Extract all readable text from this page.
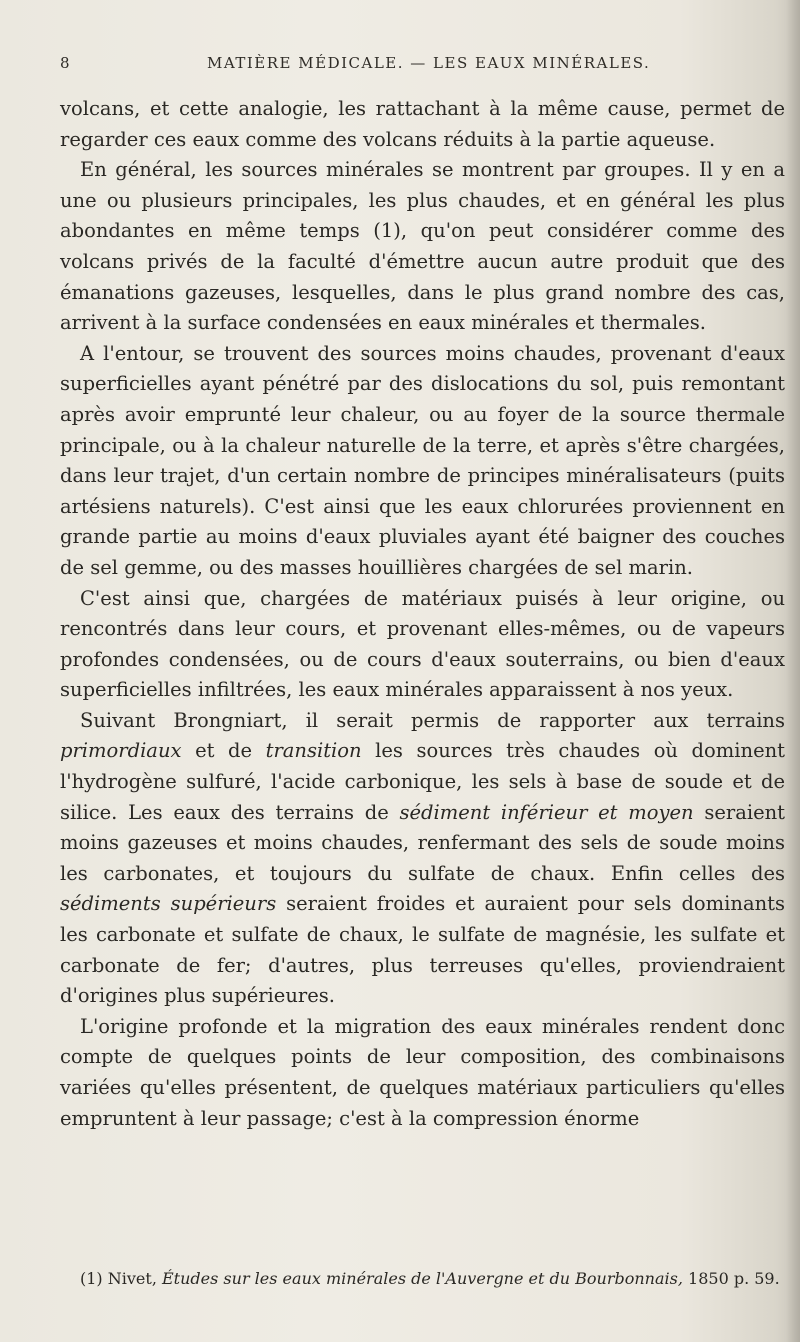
8	MATIÈRE MÉDICALE. — LES EAUX MINÉRALES.

volcans, et cette analogie, les rattachant à la même cause, permet de regarder ces eaux comme des volcans réduits à la partie aqueuse.

En général, les sources minérales se montrent par groupes. Il y en a une ou plusieurs principales, les plus chaudes, et en général les plus abondantes en même temps (1), qu'on peut considérer comme des volcans privés de la faculté d'émettre aucun autre produit que des émanations gazeuses, lesquelles, dans le plus grand nombre des cas, arrivent à la surface condensées en eaux minérales et thermales.

A l'entour, se trouvent des sources moins chaudes, provenant d'eaux superficielles ayant pénétré par des dislocations du sol, puis remontant après avoir emprunté leur chaleur, ou au foyer de la source thermale principale, ou à la chaleur naturelle de la terre, et après s'être chargées, dans leur trajet, d'un certain nombre de principes minéralisateurs (puits artésiens naturels). C'est ainsi que les eaux chlorurées proviennent en grande partie au moins d'eaux pluviales ayant été baigner des couches de sel gemme, ou des masses houillières chargées de sel marin.

C'est ainsi que, chargées de matériaux puisés à leur origine, ou rencontrés dans leur cours, et provenant elles-mêmes, ou de vapeurs profondes condensées, ou de cours d'eaux souterrains, ou bien d'eaux superficielles infiltrées, les eaux minérales apparaissent à nos yeux.

Suivant Brongniart, il serait permis de rapporter aux terrains primordiaux et de transition les sources très chaudes où dominent l'hydrogène sulfuré, l'acide carbonique, les sels à base de soude et de silice. Les eaux des terrains de sédiment inférieur et moyen seraient moins gazeuses et moins chaudes, renfermant des sels de soude moins les carbonates, et toujours du sulfate de chaux. Enfin celles des sédiments supérieurs seraient froides et auraient pour sels dominants les carbonate et sulfate de chaux, le sulfate de magnésie, les sulfate et carbonate de fer; d'autres, plus terreuses qu'elles, proviendraient d'origines plus supérieures.

L'origine profonde et la migration des eaux minérales rendent donc compte de quelques points de leur composition, des combinaisons variées qu'elles présentent, de quelques matériaux particuliers qu'elles empruntent à leur passage; c'est à la compression énorme

(1) Nivet, Études sur les eaux minérales de l'Auvergne et du Bourbonnais, 1850 p. 59.
